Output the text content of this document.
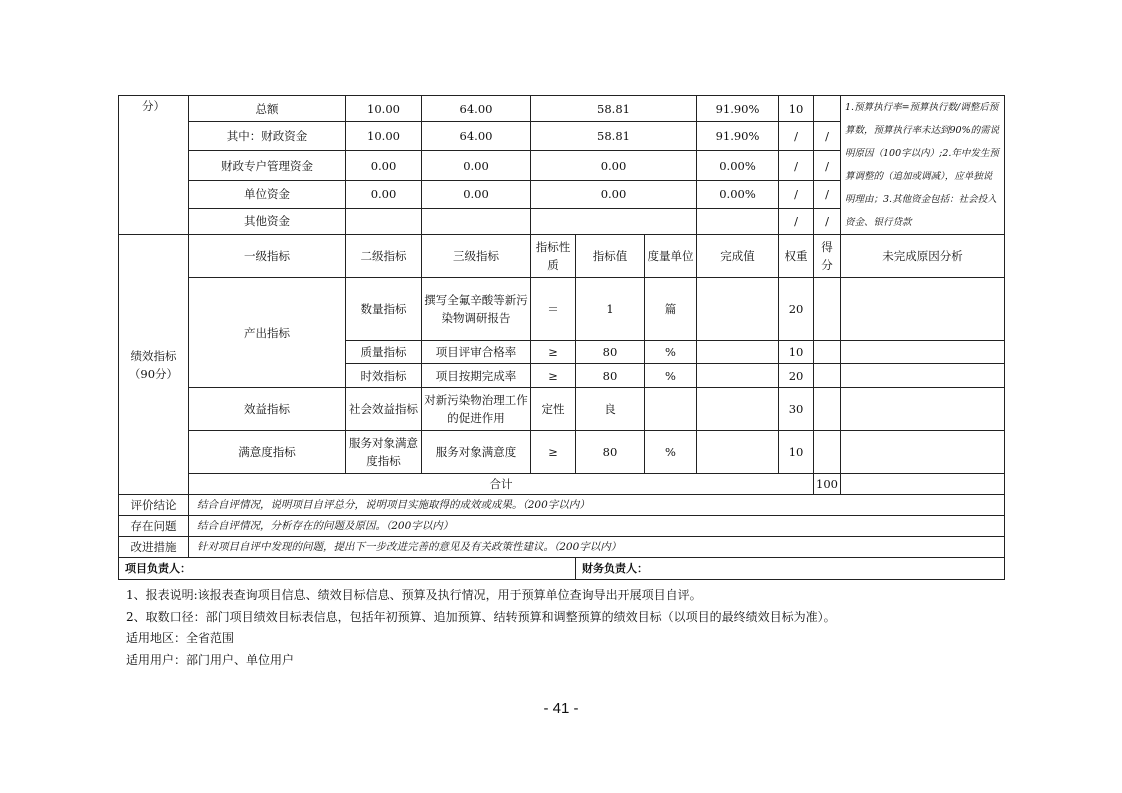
分）	总额	10.00	64.00	58.81			91.90%	10		1.预算执行率=预算执行数/调整后预算数，预算执行率未达到90%的需说明原因（100字以内）;2.年中发生预算调整的（追加或调减），应单独说明理由；3.其他资金包括：社会投入资金、银行贷款	
	其中：财政资金	10.00	64.00	58.81			91.90%	/	/		
	财政专户管理资金	0.00	0.00	0.00			0.00%	/	/		
	单位资金	0.00	0.00	0.00			0.00%	/	/		
	其他资金							/	/		
绩效指标（90分）	一级指标	二级指标	三级指标	指标性质	指标值	度量单位	完成值	权重	得分	未完成原因分析	
	产出指标	数量指标	撰写全氟辛酸等新污染物调研报告	＝	1	篇		20			
		质量指标	项目评审合格率	≥	80	%		10			
		时效指标	项目按期完成率	≥	80	%		20			
	效益指标	社会效益指标	对新污染物治理工作的促进作用	定性	良			30			
	满意度指标	服务对象满意度指标	服务对象满意度	≥	80	%		10			
	合计								100		
评价结论	结合自评情况，说明项目自评总分，说明项目实施取得的成效或成果。（200字以内）										
存在问题	结合自评情况，分析存在的问题及原因。（200字以内）										
改进措施	针对项目自评中发现的问题，提出下一步改进完善的意见及有关政策性建议。（200字以内）										
项目负责人：					财务负责人：						
1、报表说明:该报表查询项目信息、绩效目标信息、预算及执行情况，用于预算单位查询导出开展项目自评。
2、取数口径：部门项目绩效目标表信息，包括年初预算、追加预算、结转预算和调整预算的绩效目标（以项目的最终绩效目标为准）。
适用地区：全省范围
适用用户：部门用户、单位用户
- 41 -
